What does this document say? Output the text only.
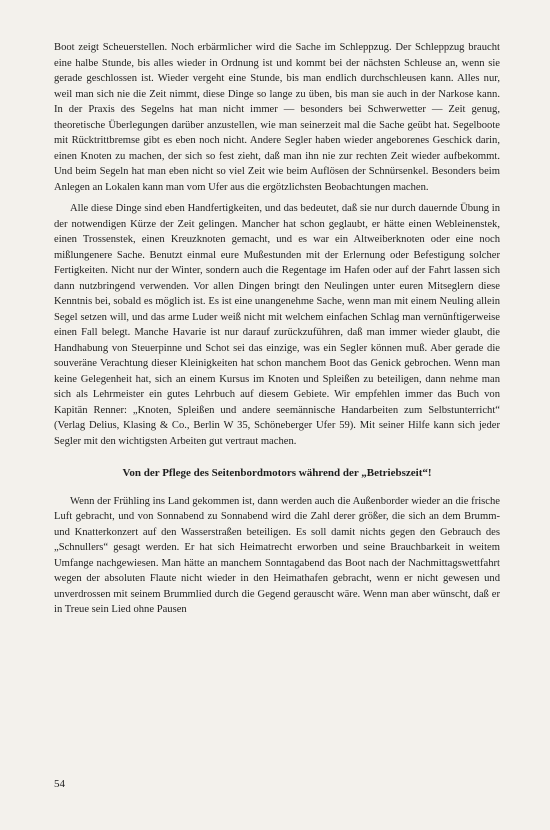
Boot zeigt Scheuerstellen. Noch erbärmlicher wird die Sache im Schleppzug. Der Schleppzug braucht eine halbe Stunde, bis alles wieder in Ordnung ist und kommt bei der nächsten Schleuse an, wenn sie gerade geschlossen ist. Wieder vergeht eine Stunde, bis man endlich durchschleusen kann. Alles nur, weil man sich nie die Zeit nimmt, diese Dinge so lange zu üben, bis man sie auch in der Narkose kann. In der Praxis des Segelns hat man nicht immer — besonders bei Schwerwetter — Zeit genug, theoretische Überlegungen darüber anzustellen, wie man seinerzeit mal die Sache geübt hat. Segelboote mit Rücktrittbremse gibt es eben noch nicht. Andere Segler haben wieder angeborenes Geschick darin, einen Knoten zu machen, der sich so fest zieht, daß man ihn nie zur rechten Zeit wieder aufbekommt. Und beim Segeln hat man eben nicht so viel Zeit wie beim Auflösen der Schnürsenkel. Besonders beim Anlegen an Lokalen kann man vom Ufer aus die ergötzlichsten Beobachtungen machen.

Alle diese Dinge sind eben Handfertigkeiten, und das bedeutet, daß sie nur durch dauernde Übung in der notwendigen Kürze der Zeit gelingen. Mancher hat schon geglaubt, er hätte einen Webleinenstek, einen Trossenstek, einen Kreuzknoten gemacht, und es war ein Altweiberknoten oder eine noch mißlungenere Sache. Benutzt einmal eure Mußestunden mit der Erlernung oder Befestigung solcher Fertigkeiten. Nicht nur der Winter, sondern auch die Regentage im Hafen oder auf der Fahrt lassen sich dann nutzbringend verwenden. Vor allen Dingen bringt den Neulingen unter euren Mitseglern diese Kenntnis bei, sobald es möglich ist. Es ist eine unangenehme Sache, wenn man mit einem Neuling allein Segel setzen will, und das arme Luder weiß nicht mit welchem einfachen Schlag man vernünftigerweise einen Fall belegt. Manche Havarie ist nur darauf zurückzuführen, daß man immer wieder glaubt, die Handhabung von Steuerpinne und Schot sei das einzige, was ein Segler können muß. Aber gerade die souveräne Verachtung dieser Kleinigkeiten hat schon manchem Boot das Genick gebrochen. Wenn man keine Gelegenheit hat, sich an einem Kursus im Knoten und Spleißen zu beteiligen, dann nehme man sich als Lehrmeister ein gutes Lehrbuch auf diesem Gebiete. Wir empfehlen immer das Buch von Kapitän Renner: „Knoten, Spleißen und andere seemännische Handarbeiten zum Selbstunterricht“ (Verlag Delius, Klasing & Co., Berlin W 35, Schöneberger Ufer 59). Mit seiner Hilfe kann sich jeder Segler mit den wichtigsten Arbeiten gut vertraut machen.

Von der Pflege des Seitenbordmotors während der „Betriebszeit“!

Wenn der Frühling ins Land gekommen ist, dann werden auch die Außenborder wieder an die frische Luft gebracht, und von Sonnabend zu Sonnabend wird die Zahl derer größer, die sich an dem Brumm- und Knatterkonzert auf den Wasserstraßen beteiligen. Es soll damit nichts gegen den Gebrauch des „Schnullers“ gesagt werden. Er hat sich Heimatrecht erworben und seine Brauchbarkeit in weitem Umfange nachgewiesen. Man hätte an manchem Sonntagabend das Boot nach der Nachmittagswettfahrt wegen der absoluten Flaute nicht wieder in den Heimathafen gebracht, wenn er nicht gewesen und unverdrossen mit seinem Brummlied durch die Gegend gerauscht wäre. Wenn man aber wünscht, daß er in Treue sein Lied ohne Pausen

54
